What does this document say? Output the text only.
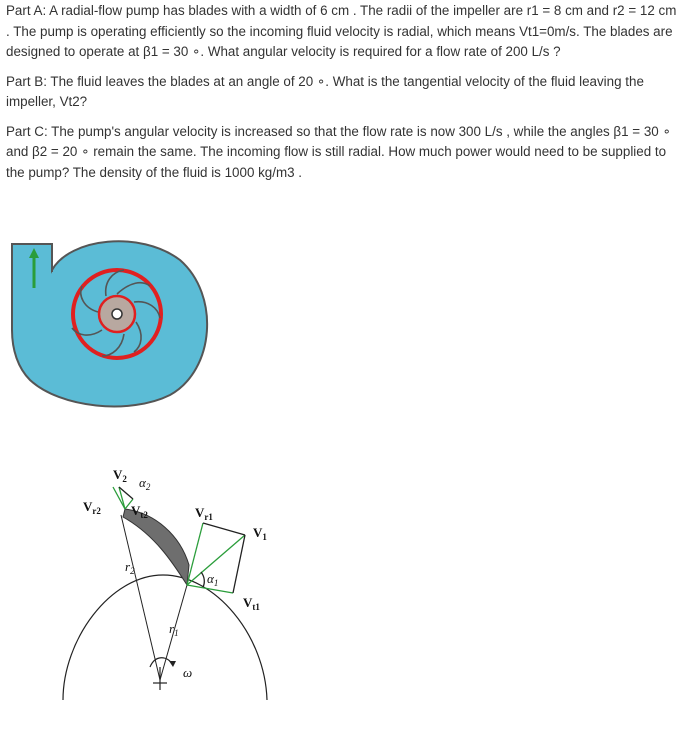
Part A: A radial-flow pump has blades with a width of 6 cm . The radii of the impeller are r1 = 8 cm and r2 = 12 cm . The pump is operating efficiently so the incoming fluid velocity is radial, which means Vt1=0m/s. The blades are designed to operate at β1 = 30 ∘. What angular velocity is required for a flow rate of 200 L/s ?

Part B: The fluid leaves the blades at an angle of 20 ∘. What is the tangential velocity of the fluid leaving the impeller, Vt2?

Part C: The pump's angular velocity is increased so that the flow rate is now 300 L/s , while the angles β1 = 30 ∘ and β2 = 20 ∘ remain the same. The incoming flow is still radial. How much power would need to be supplied to the pump? The density of the fluid is 1000 kg/m3 .

$V_2$ $\alpha_2$
$V_{r2}$ $V_{t2}$	$V_{r1}$
$V_1$
$\alpha_1$
$V_{t1}$
$r_2$
$r_1$
ω
